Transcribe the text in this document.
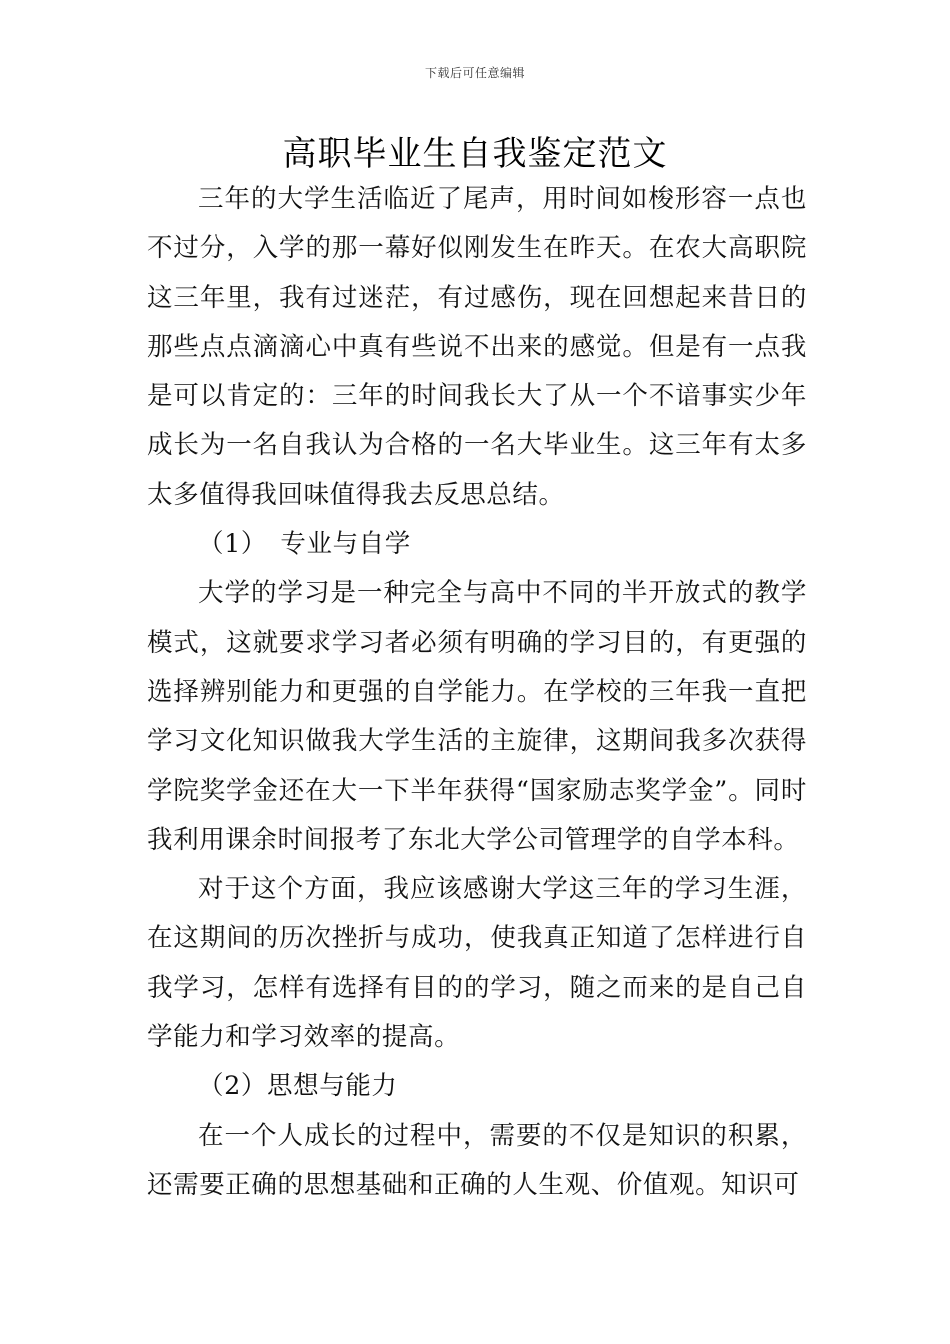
下载后可任意编辑
高职毕业生自我鉴定范文

三年的大学生活临近了尾声，用时间如梭形容一点也不过分，入学的那一幕好似刚发生在昨天。在农大高职院这三年里，我有过迷茫，有过感伤，现在回想起来昔日的那些点点滴滴心中真有些说不出来的感觉。但是有一点我是可以肯定的：三年的时间我长大了从一个不谙事实少年成长为一名自我认为合格的一名大毕业生。这三年有太多太多值得我回味值得我去反思总结。

（1）　专业与自学

大学的学习是一种完全与高中不同的半开放式的教学模式，这就要求学习者必须有明确的学习目的，有更强的选择辨别能力和更强的自学能力。在学校的三年我一直把学习文化知识做我大学生活的主旋律，这期间我多次获得学院奖学金还在大一下半年获得“国家励志奖学金”。同时我利用课余时间报考了东北大学公司管理学的自学本科。

对于这个方面，我应该感谢大学这三年的学习生涯，在这期间的历次挫折与成功，使我真正知道了怎样进行自我学习，怎样有选择有目的的学习，随之而来的是自己自学能力和学习效率的提高。

（2）思想与能力

在一个人成长的过程中，需要的不仅是知识的积累，还需要正确的思想基础和正确的人生观、价值观。知识可
